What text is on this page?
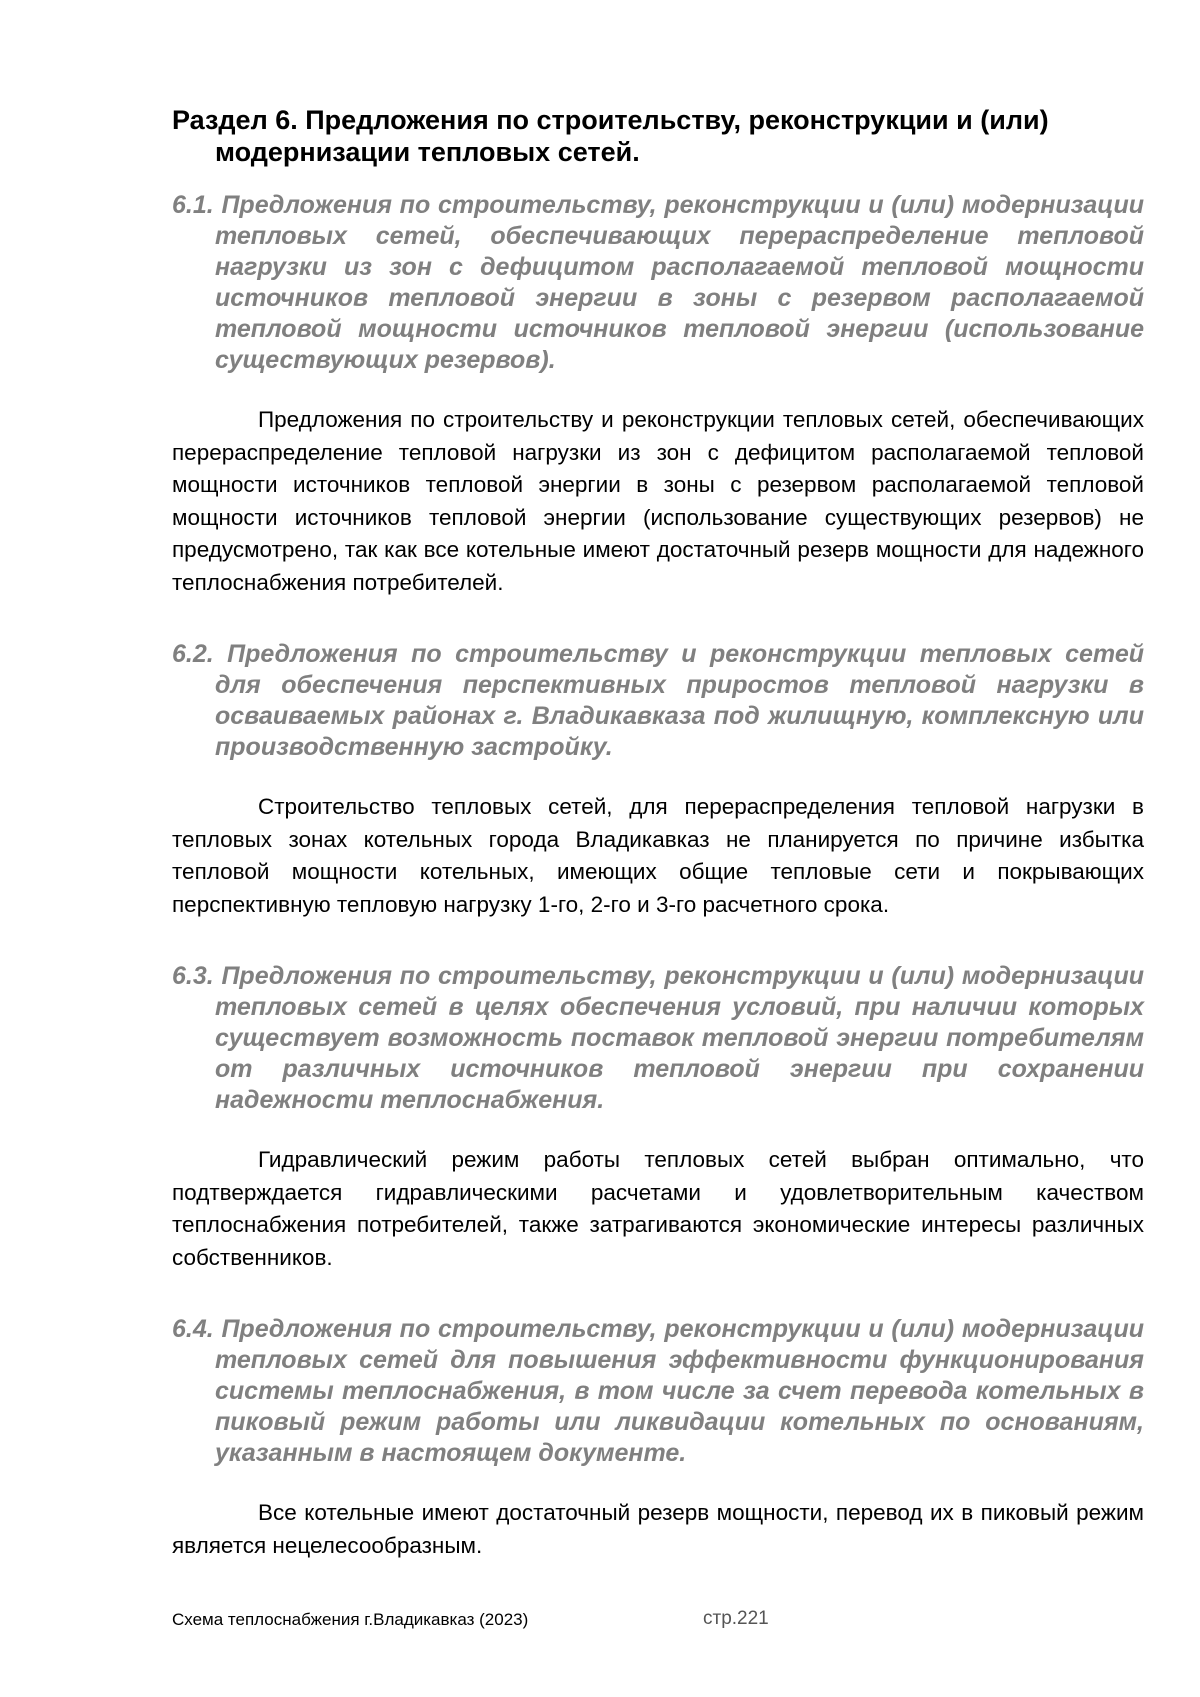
Раздел 6. Предложения по строительству, реконструкции и (или) модернизации тепловых сетей.
6.1. Предложения по строительству, реконструкции и (или) модернизации тепловых сетей, обеспечивающих перераспределение тепловой нагрузки из зон с дефицитом располагаемой тепловой мощности источников тепловой энергии в зоны с резервом располагаемой тепловой мощности источников тепловой энергии (использование существующих резервов).

Предложения по строительству и реконструкции тепловых сетей, обеспечивающих перераспределение тепловой нагрузки из зон с дефицитом располагаемой тепловой мощности источников тепловой энергии в зоны с резервом располагаемой тепловой мощности источников тепловой энергии (использование существующих резервов) не предусмотрено, так как все котельные имеют достаточный резерв мощности для надежного теплоснабжения потребителей.

6.2. Предложения по строительству и реконструкции тепловых сетей для обеспечения перспективных приростов тепловой нагрузки в осваиваемых районах г. Владикавказа под жилищную, комплексную или производственную застройку.

Строительство тепловых сетей, для перераспределения тепловой нагрузки в тепловых зонах котельных города Владикавказ не планируется по причине избытка тепловой мощности котельных, имеющих общие тепловые сети и покрывающих перспективную тепловую нагрузку 1-го, 2-го и 3-го расчетного срока.

6.3. Предложения по строительству, реконструкции и (или) модернизации тепловых сетей в целях обеспечения условий, при наличии которых существует возможность поставок тепловой энергии потребителям от различных источников тепловой энергии при сохранении надежности теплоснабжения.

Гидравлический режим работы тепловых сетей выбран оптимально, что подтверждается гидравлическими расчетами и удовлетворительным качеством теплоснабжения потребителей, также затрагиваются экономические интересы различных собственников.

6.4. Предложения по строительству, реконструкции и (или) модернизации тепловых сетей для повышения эффективности функционирования системы теплоснабжения, в том числе за счет перевода котельных в пиковый режим работы или ликвидации котельных по основаниям, указанным в настоящем документе.

Все котельные имеют достаточный резерв мощности, перевод их в пиковый режим является нецелесообразным.

Схема теплоснабжения г.Владикавказ (2023)	стр.221
